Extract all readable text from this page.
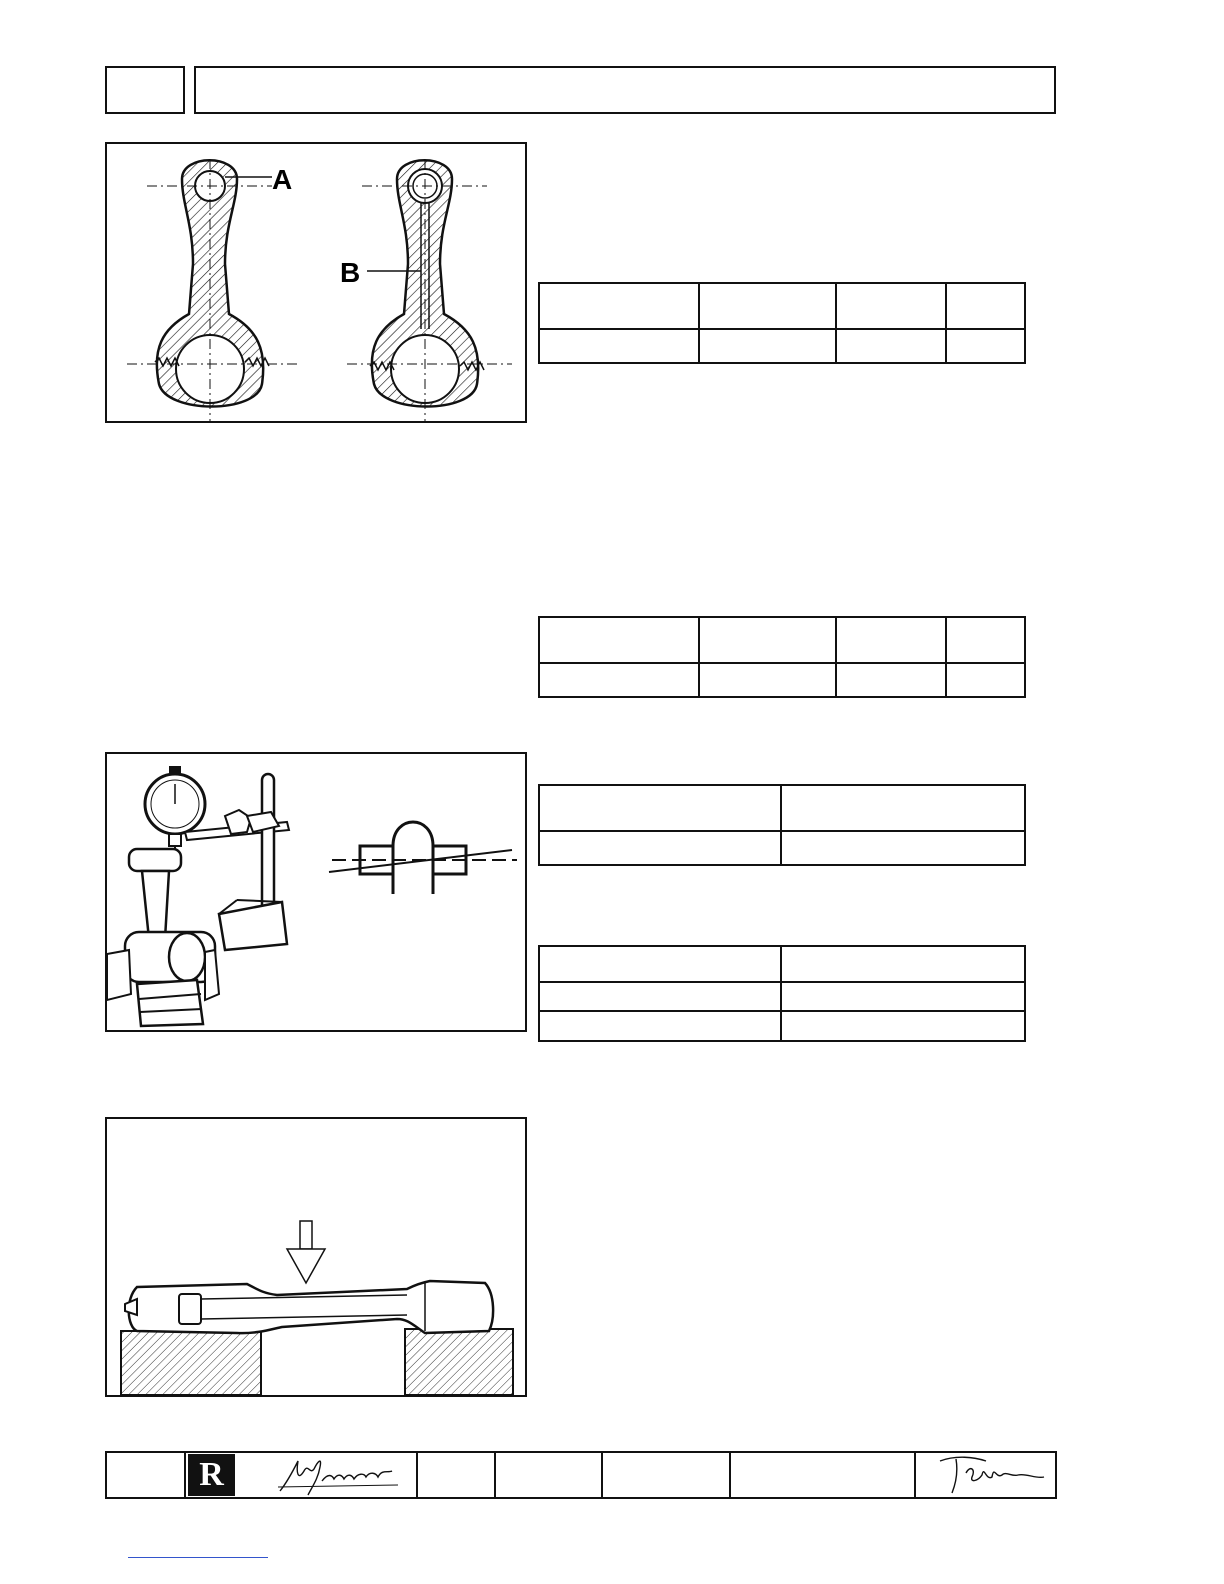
A
B

R
